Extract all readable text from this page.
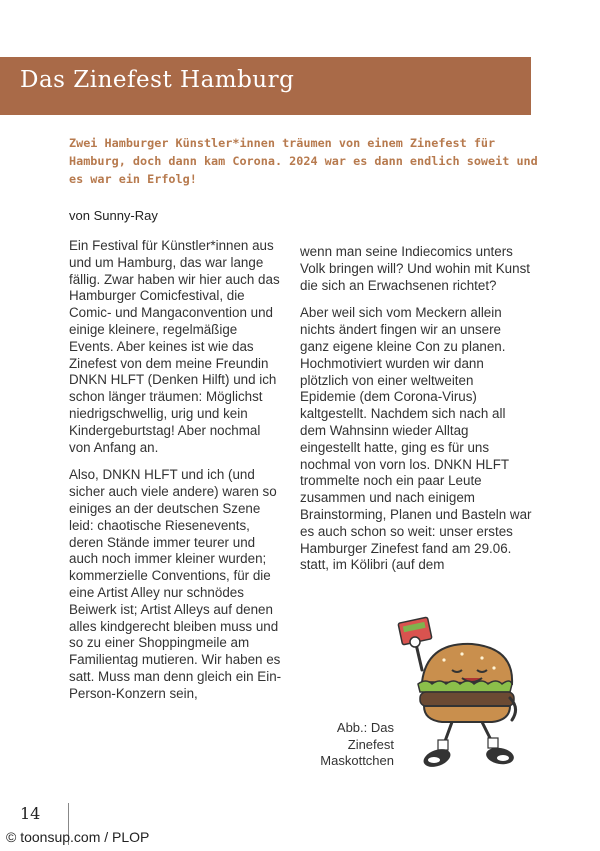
Das Zinefest Hamburg
Zwei Hamburger Künstler*innen träumen von einem Zinefest für Hamburg, doch dann kam Corona. 2024 war es dann endlich soweit und es war ein Erfolg!
von Sunny-Ray

Ein Festival für Künstler*innen aus und um Hamburg, das war lange fällig. Zwar haben wir hier auch das Hamburger Comicfestival, die Comic- und Mangaconvention und einige kleinere, regelmäßige Events. Aber keines ist wie das Zinefest von dem meine Freundin DNKN HLFT (Denken Hilft) und ich schon länger träumen: Möglichst niedrigschwellig, urig und kein Kindergeburtstag! Aber nochmal von Anfang an.

Also, DNKN HLFT und ich (und sicher auch viele andere) waren so einiges an der deutschen Szene leid: chaotische Riesenevents, deren Stände immer teurer und auch noch immer kleiner wurden; kommerzielle Conventions, für die eine Artist Alley nur schnödes Beiwerk ist; Artist Alleys auf denen alles kindgerecht bleiben muss und so zu einer Shoppingmeile am Familientag mutieren. Wir haben es satt. Muss man denn gleich ein Ein-Person-Konzern sein,

wenn man seine Indiecomics unters Volk bringen will? Und wohin mit Kunst die sich an Erwachsenen richtet?

Aber weil sich vom Meckern allein nichts ändert fingen wir an unsere ganz eigene kleine Con zu planen. Hochmotiviert wurden wir dann plötzlich von einer weltweiten Epidemie (dem Corona-Virus) kaltgestellt. Nachdem sich nach all dem Wahnsinn wieder Alltag eingestellt hatte, ging es für uns nochmal von vorn los. DNKN HLFT trommelte noch ein paar Leute zusammen und nach einigem Brainstorming, Planen und Basteln war es auch schon so weit: unser erstes Hamburger Zinefest fand am 29.06. statt, im Kölibri (auf dem

Abb.: Das Zinefest Maskottchen
14
© toonsup.com / PLOP
